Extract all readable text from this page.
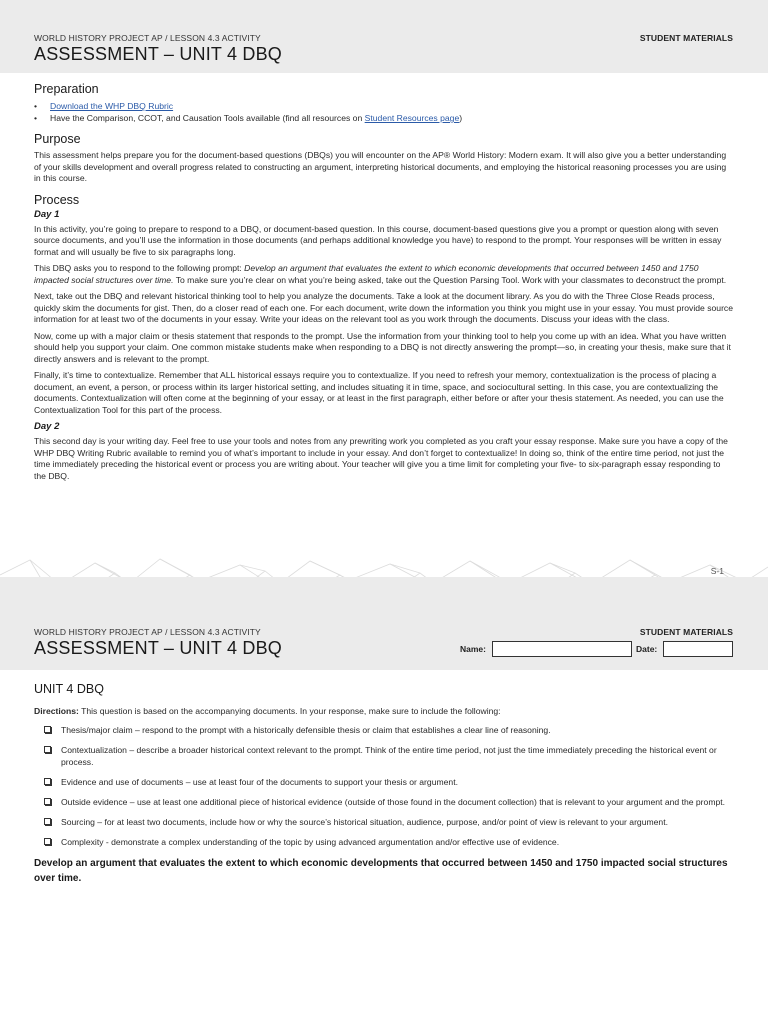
WORLD HISTORY PROJECT AP / LESSON 4.3 ACTIVITY	STUDENT MATERIALS
ASSESSMENT – UNIT 4 DBQ
Preparation
• Download the WHP DBQ Rubric
• Have the Comparison, CCOT, and Causation Tools available (find all resources on Student Resources page)
Purpose

This assessment helps prepare you for the document-based questions (DBQs) you will encounter on the AP® World History: Modern exam. It will also give you a better understanding of your skills development and overall progress related to constructing an argument, interpreting historical documents, and employing the historical reasoning processes you are using in this course.

Process
Day 1

In this activity, you’re going to prepare to respond to a DBQ, or document-based question. In this course, document-based questions give you a prompt or question along with seven source documents, and you’ll use the information in those documents (and perhaps additional knowledge you have) to respond to the prompt. Your responses will be written in essay format and will usually be five to six paragraphs long.

This DBQ asks you to respond to the following prompt: Develop an argument that evaluates the extent to which economic developments that occurred between 1450 and 1750 impacted social structures over time. To make sure you’re clear on what you’re being asked, take out the Question Parsing Tool. Work with your classmates to deconstruct the prompt.

Next, take out the DBQ and relevant historical thinking tool to help you analyze the documents. Take a look at the document library. As you do with the Three Close Reads process, quickly skim the documents for gist. Then, do a closer read of each one. For each document, write down the information you think you might use in your essay. You must provide source information for at least two of the documents in your essay. Write your ideas on the relevant tool as you work through the documents. Discuss your ideas with the class.

Now, come up with a major claim or thesis statement that responds to the prompt. Use the information from your thinking tool to help you come up with an idea. What you have written should help you support your claim. One common mistake students make when responding to a DBQ is not directly answering the prompt—so, in creating your thesis, make sure that it directly answers and is relevant to the prompt.

Finally, it’s time to contextualize. Remember that ALL historical essays require you to contextualize. If you need to refresh your memory, contextualization is the process of placing a document, an event, a person, or process within its larger historical setting, and includes situating it in time, space, and sociocultural setting. In this case, you are contextualizing the documents. Contextualization will often come at the beginning of your essay, or at least in the first paragraph, either before or after your thesis statement. As needed, you can use the Contextualization Tool for this part of the process.

Day 2

This second day is your writing day. Feel free to use your tools and notes from any prewriting work you completed as you craft your essay response. Make sure you have a copy of the WHP DBQ Writing Rubric available to remind you of what’s important to include in your essay. And don’t forget to contextualize! In doing so, think of the entire time period, not just the time immediately preceding the historical event or process you are writing about. Your teacher will give you a time limit for completing your five- to six-paragraph essay responding to the DBQ.

S-1
WORLD HISTORY PROJECT AP / LESSON 4.3 ACTIVITY	STUDENT MATERIALS
ASSESSMENT – UNIT 4 DBQ	Name:	Date:
UNIT 4 DBQ

Directions: This question is based on the accompanying documents. In your response, make sure to include the following:

Thesis/major claim – respond to the prompt with a historically defensible thesis or claim that establishes a clear line of reasoning.
Contextualization – describe a broader historical context relevant to the prompt. Think of the entire time period, not just the time immediately preceding the historical event or process.
Evidence and use of documents – use at least four of the documents to support your thesis or argument.
Outside evidence – use at least one additional piece of historical evidence (outside of those found in the document collection) that is relevant to your argument and the prompt.
Sourcing – for at least two documents, include how or why the source’s historical situation, audience, purpose, and/or point of view is relevant to your argument.
Complexity - demonstrate a complex understanding of the topic by using advanced argumentation and/or effective use of evidence.

Develop an argument that evaluates the extent to which economic developments that occurred between 1450 and 1750 impacted social structures over time.
